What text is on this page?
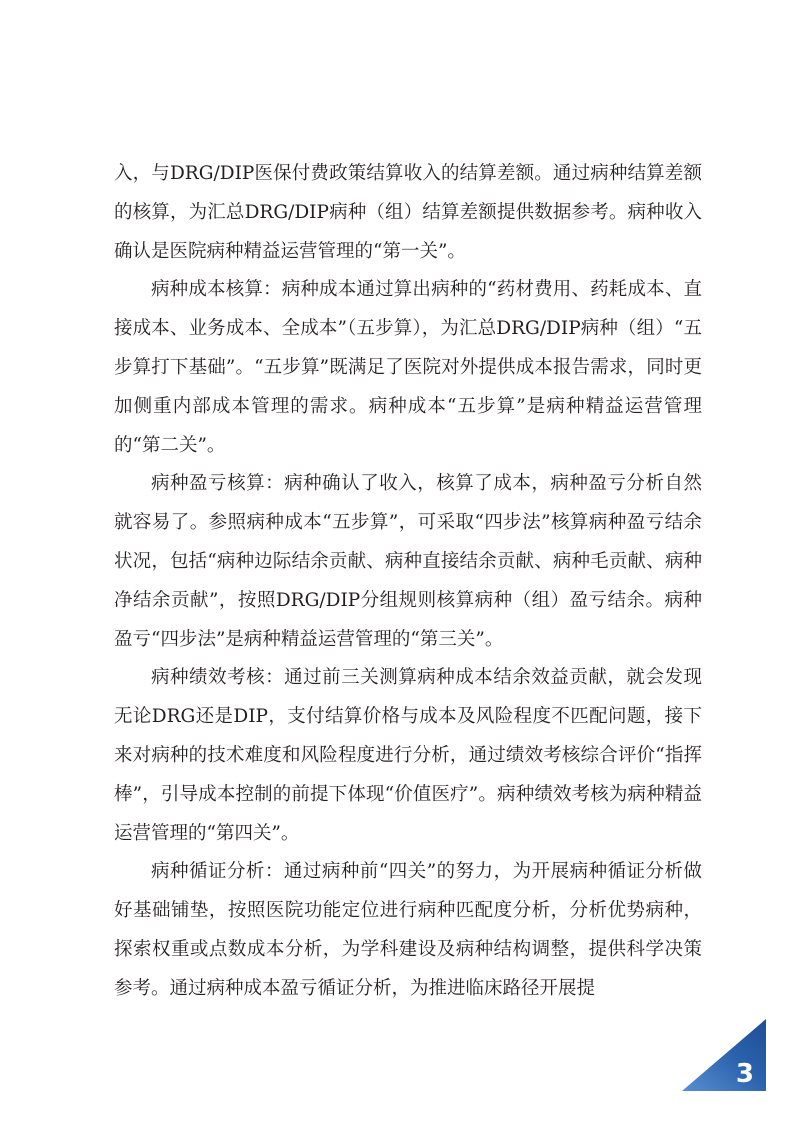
入，与DRG/DIP医保付费政策结算收入的结算差额。通过病种结算差额的核算，为汇总DRG/DIP病种（组）结算差额提供数据参考。病种收入确认是医院病种精益运营管理的“第一关”。

病种成本核算：病种成本通过算出病种的“药材费用、药耗成本、直接成本、业务成本、全成本”（五步算），为汇总DRG/DIP病种（组）“五步算打下基础”。“五步算”既满足了医院对外提供成本报告需求，同时更加侧重内部成本管理的需求。病种成本“五步算”是病种精益运营管理的“第二关”。

病种盈亏核算：病种确认了收入，核算了成本，病种盈亏分析自然就容易了。参照病种成本“五步算”，可采取“四步法”核算病种盈亏结余状况，包括“病种边际结余贡献、病种直接结余贡献、病种毛贡献、病种净结余贡献”，按照DRG/DIP分组规则核算病种（组）盈亏结余。病种盈亏“四步法”是病种精益运营管理的“第三关”。

病种绩效考核：通过前三关测算病种成本结余效益贡献，就会发现无论DRG还是DIP，支付结算价格与成本及风险程度不匹配问题，接下来对病种的技术难度和风险程度进行分析，通过绩效考核综合评价“指挥棒”，引导成本控制的前提下体现“价值医疗”。病种绩效考核为病种精益运营管理的“第四关”。

病种循证分析：通过病种前“四关”的努力，为开展病种循证分析做好基础铺垫，按照医院功能定位进行病种匹配度分析，分析优势病种，探索权重或点数成本分析，为学科建设及病种结构调整，提供科学决策参考。通过病种成本盈亏循证分析，为推进临床路径开展提

3
